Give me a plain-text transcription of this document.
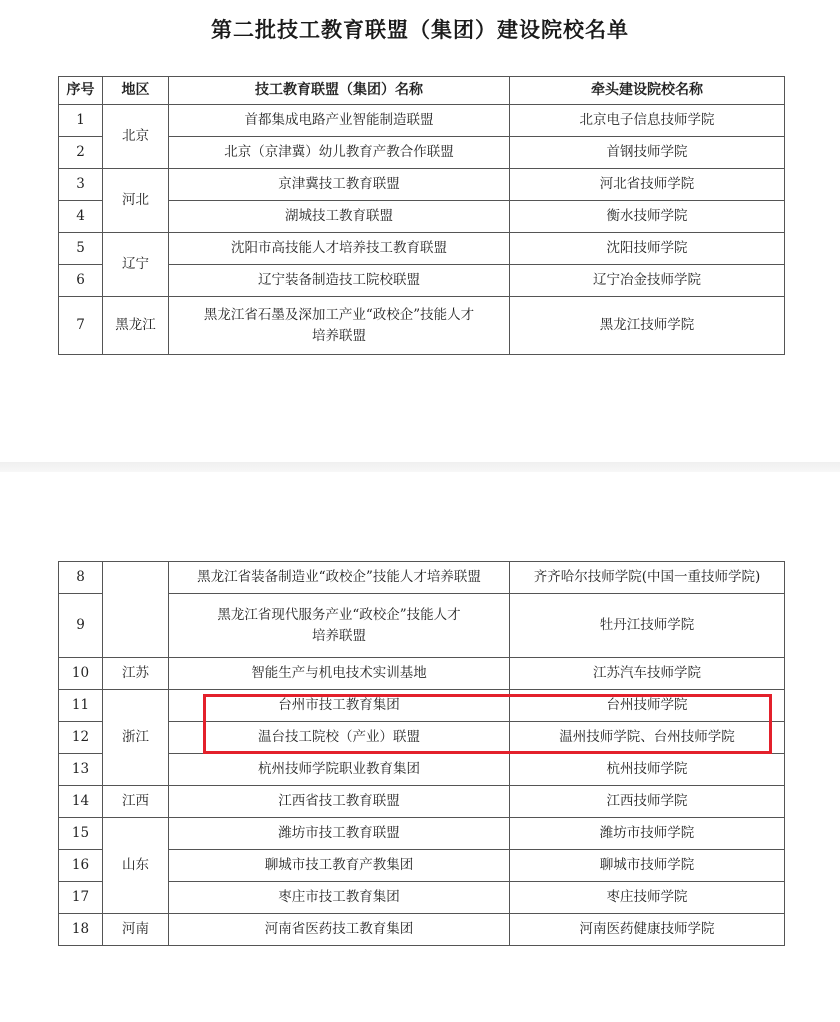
第二批技工教育联盟（集团）建设院校名单
序号	地区	技工教育联盟（集团）名称	牵头建设院校名称
1	北京	首都集成电路产业智能制造联盟	北京电子信息技师学院
2		北京（京津冀）幼儿教育产教合作联盟	首钢技师学院
3	河北	京津冀技工教育联盟	河北省技师学院
4		湖城技工教育联盟	衡水技师学院
5	辽宁	沈阳市高技能人才培养技工教育联盟	沈阳技师学院
6		辽宁装备制造技工院校联盟	辽宁冶金技师学院
7	黑龙江	黑龙江省石墨及深加工产业“政校企”技能人才
培养联盟	黑龙江技师学院
8		黑龙江省装备制造业“政校企”技能人才培养联盟	齐齐哈尔技师学院(中国一重技师学院)
9		黑龙江省现代服务产业“政校企”技能人才
培养联盟	牡丹江技师学院
10	江苏	智能生产与机电技术实训基地	江苏汽车技师学院
11	浙江	台州市技工教育集团	台州技师学院
12		温台技工院校（产业）联盟	温州技师学院、台州技师学院
13		杭州技师学院职业教育集团	杭州技师学院
14	江西	江西省技工教育联盟	江西技师学院
15	山东	潍坊市技工教育联盟	潍坊市技师学院
16		聊城市技工教育产教集团	聊城市技师学院
17		枣庄市技工教育集团	枣庄技师学院
18	河南	河南省医药技工教育集团	河南医药健康技师学院
